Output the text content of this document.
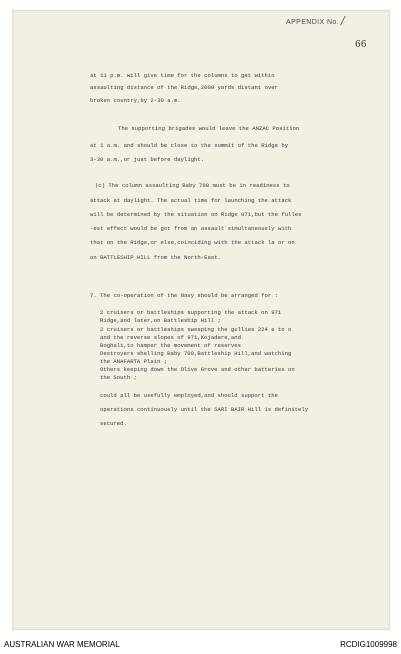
APPENDIX No. /
66
at 11 p.m. will give time for the columns to get within
assaulting distance of the Ridge,2000 yards distant over
broken country,by 2-30 a.m.
The supporting brigades would leave the ANZAC Position
at 1 a.m. and should be close to the summit of the Ridge by
3-30 a.m.,or just before daylight.
(c) The column assaulting Baby 700 must be in readiness to
attack at daylight. The actual time for launching the attack
will be determined by the situation on Ridge 971,but the fulles
-est effect would be got from an assault simultaneously with
that on the Ridge,or else,coinciding with the attack la or on
on BATTLESHIP HILL from the North-East.
7. The co-operation of the Navy should be arranged for :
2 cruisers or battleships supporting the attack on 971
Ridge,and later,on Battleship Hill ;
2 cruisers or battleships sweeping the gullies 224 e to o
and the reverse slopes of 971,Kojadere,and
Boghali,to hamper the movement of reserves
Destroyers shelling Baby 700,Battleship Hill,and watching
the ANAFARTA Plain ;
Others keeping down the Olive Grove and other batteries on
the South ;
could all be usefully employed,and should support the
operations continuously until the SARI BAIR Hill is definitely
secured.
AUSTRALIAN WAR MEMORIAL	RCDIG1009998
